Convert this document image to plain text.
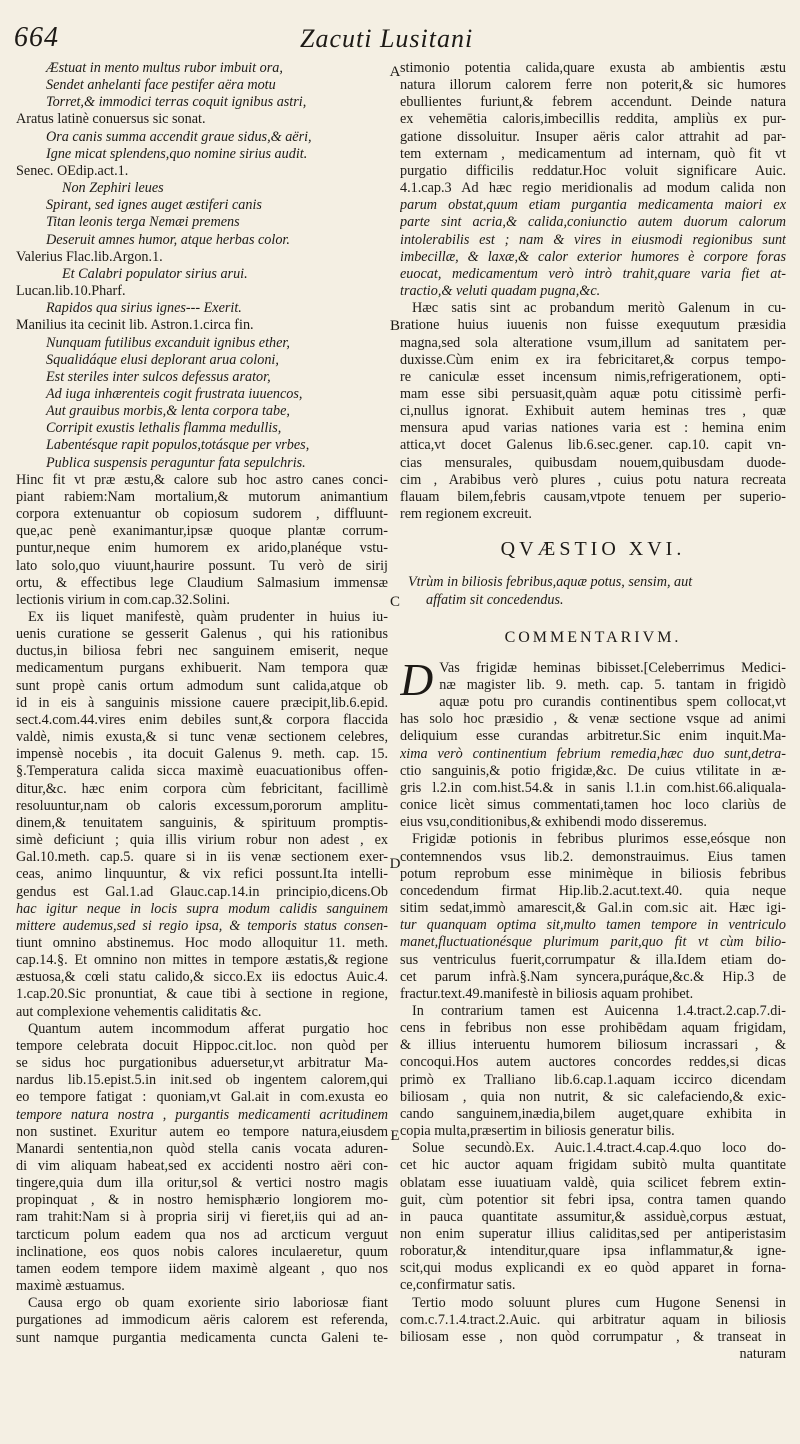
664	Zacuti Lusitani
Æstuat in mento multus rubor imbuit ora,
Sendet anhelanti face pestifer aëra motu
Torret,& immodici terras coquit ignibus astri,
Aratus latinè conuersus sic sonat.
Ora canis summa accendit graue sidus,& aëri,
Igne micat splendens,quo nomine sirius audit.
Senec. OEdip.act.1.
Non Zephiri leues
Spirant, sed ignes auget æstiferi canis
Titan leonis terga Nemæi premens
Deseruit amnes humor, atque herbas color.
Valerius Flac.lib.Argon.1.
Et Calabri populator sirius arui.
Lucan.lib.10.Pharf.
Rapidos qua sirius ignes--- Exerit.
Manilius ita cecinit lib. Astron.1.circa fin.
Nunquam futilibus excanduit ignibus ether,
Squalidáque elusi deplorant arua coloni,
Est steriles inter sulcos defessus arator,
Ad iuga inhærenteis cogit frustrata iuuencos,
Aut grauibus morbis,& lenta corpora tabe,
Corripit exustis lethalis flamma medullis,
Labentésque rapit populos,totásque per vrbes,
Publica suspensis peraguntur fata sepulchris.
Hinc fit vt præ æstu,& calore sub hoc astro canes conci-
piant rabiem:Nam mortalium,& mutorum animantium
corpora extenuantur ob copiosum sudorem , diffluunt-
que,ac penè exanimantur,ipsæ quoque plantæ corrum-
puntur,neque enim humorem ex arido,planéque vstu-
lato solo,quo viuunt,haurire possunt. Tu verò de sirij
ortu, & effectibus lege Claudium Salmasium immensæ
lectionis virium in com.cap.32.Solini.
Ex iis liquet manifestè, quàm prudenter in huius iu-
uenis curatione se gesserit Galenus , qui his rationibus
ductus,in biliosa febri nec sanguinem emiserit, neque
medicamentum purgans exhibuerit. Nam tempora quæ
sunt propè canis ortum admodum sunt calida,atque ob
id in eis à sanguinis missione cauere præcipit,lib.6.epid.
sect.4.com.44.vires enim debiles sunt,& corpora flaccida
valdè, nimis exusta,& si tunc venæ sectionem celebres,
impensè nocebis , ita docuit Galenus 9. meth. cap. 15.
§.Temperatura calida sicca maximè euacuationibus offen-
ditur,&c. hæc enim corpora cùm febricitant, facillimè
resoluuntur,nam ob caloris excessum,pororum amplitu-
dinem,& tenuitatem sanguinis, & spirituum promptis-
simè deficiunt ; quia illis virium robur non adest , ex
Gal.10.meth. cap.5. quare si in iis venæ sectionem exer-
ceas, animo linquuntur, & vix refici possunt.Ita intelli-
gendus est Gal.1.ad Glauc.cap.14.in principio,dicens.Ob
hac igitur neque in locis supra modum calidis sanguinem
mittere audemus,sed si regio ipsa, & temporis status consen-
tiunt omnino abstinemus. Hoc modo alloquitur 11. meth.
cap.14.§. Et omnino non mittes in tempore æstatis,& regione
æstuosa,& cœli statu calido,& sicco.Ex iis edoctus Auic.4.
1.cap.20.Sic pronuntiat, & caue tibi à sectione in regione,
aut complexione vehementis caliditatis &c.
Quantum autem incommodum afferat purgatio hoc
tempore celebrata docuit Hippoc.cit.loc. non quòd per
se sidus hoc purgationibus aduersetur,vt arbitratur Ma-
nardus lib.15.epist.5.in init.sed ob ingentem calorem,qui
eo tempore fatigat : quoniam,vt Gal.ait in com.exusta eo
tempore natura nostra , purgantis medicamenti acritudinem
non sustinet. Exuritur autem eo tempore natura,eiusdem
Manardi sententia,non quòd stella canis vocata aduren-
di vim aliquam habeat,sed ex accidenti nostro aëri con-
tingere,quia dum illa oritur,sol & vertici nostro magis
propinquat , & in nostro hemisphærio longiorem mo-
ram trahit:Nam si à propria sirij vi fieret,iis qui ad an-
tarcticum polum eadem qua nos ad arcticum verguut
inclinatione, eos quos nobis calores inculaeretur, quum
tamen eodem tempore iidem maximè algeant , quo nos
maximè æstuamus.
Causa ergo ob quam exoriente sirio laboriosæ fiant
purgationes ad immodicum aëris calorem est referenda,
sunt namque purgantia medicamenta cuncta Galeni te-
stimonio potentia calida,quare exusta ab ambientis æstu
natura illorum calorem ferre non poterit,& sic humores
ebullientes furiunt,& febrem accendunt. Deinde natura
ex vehemētia caloris,imbecillis reddita, ampliùs ex pur-
gatione dissoluitur. Insuper aëris calor attrahit ad par-
tem externam , medicamentum ad internam, quò fit vt
purgatio difficilis reddatur.Hoc voluit significare Auic.
4.1.cap.3 Ad hæc regio meridionalis ad modum calida non
parum obstat,quum etiam purgantia medicamenta maiori ex
parte sint acria,& calida,coniunctio autem duorum calorum
intolerabilis est ; nam & vires in eiusmodi regionibus sunt
imbecillæ, & laxæ,& calor exterior humores è corpore foras
euocat, medicamentum verò intrò trahit,quare varia fiet at-
tractio,& veluti quadam pugna,&c.
Hæc satis sint ac probandum meritò Galenum in cu-
ratione huius iuuenis non fuisse exequutum præsidia
magna,sed sola alteratione vsum,illum ad sanitatem per-
duxisse.Cùm enim ex ira febricitaret,& corpus tempo-
re caniculæ esset incensum nimis,refrigerationem, opti-
mam esse sibi persuasit,quàm aquæ potu citissimè perfi-
ci,nullus ignorat. Exhibuit autem heminas tres , quæ
mensura apud varias nationes varia est : hemina enim
attica,vt docet Galenus lib.6.sec.gener. cap.10. capit vn-
cias mensurales, quibusdam nouem,quibusdam duode-
cim , Arabibus verò plures , cuius potu natura recreata
flauam bilem,febris causam,vtpote tenuem per superio-
rem regionem excreuit.
QVÆSTIO XVI.
Vtrùm in biliosis febribus,aquæ potus, sensim, aut
affatim sit concedendus.
COMMENTARIVM.
D Vas frigidæ heminas bibisset.[Celeberrimus Medici-
næ magister lib. 9. meth. cap. 5. tantam in frigidò
aquæ potu pro curandis continentibus spem collocat,vt
has solo hoc præsidio , & venæ sectione vsque ad animi
deliquium esse curandas arbitretur.Sic enim inquit.Ma-
xima verò continentium febrium remedia,hæc duo sunt,detra-
ctio sanguinis,& potio frigidæ,&c. De cuius vtilitate in æ-
gris l.2.in com.hist.54.& in sanis l.1.in com.hist.66.aliquala-
conice licèt simus commentati,tamen hoc loco clariùs de
eius vsu,conditionibus,& exhibendi modo disseremus.
Frigidæ potionis in febribus plurimos esse,eósque non
contemnendos vsus lib.2. demonstrauimus. Eius tamen
potum reprobum esse minimèque in biliosis febribus
concedendum firmat Hip.lib.2.acut.text.40. quia neque
sitim sedat,immò amarescit,& Gal.in com.sic ait. Hæc igi-
tur quanquam optima sit,multo tamen tempore in ventriculo
manet,fluctuationésque plurimum parit,quo fit vt cùm bilio-
sus ventriculus fuerit,corrumpatur & illa.Idem etiam do-
cet parum infrà.§.Nam syncera,puráque,&c.& Hip.3 de
fractur.text.49.manifestè in biliosis aquam prohibet.
In contrarium tamen est Auicenna 1.4.tract.2.cap.7.di-
cens in febribus non esse prohibēdam aquam frigidam,
& illius interuentu humorem biliosum incrassari , &
concoqui.Hos autem auctores concordes reddes,si dicas
primò ex Tralliano lib.6.cap.1.aquam iccirco dicendam
biliosam , quia non nutrit, & sic calefaciendo,& exic-
cando sanguinem,inædia,bilem auget,quare exhibita in
copia multa,præsertim in biliosis generatur bilis.
Solue secundò.Ex. Auic.1.4.tract.4.cap.4.quo loco do-
cet hic auctor aquam frigidam subitò multa quantitate
oblatam esse iuuatiuam valdè, quia scilicet febrem extin-
guit, cùm potentior sit febri ipsa, contra tamen quando
in pauca quantitate assumitur,& assiduè,corpus æstuat,
non enim superatur illius caliditas,sed per antiperistasim
roboratur,& intenditur,quare ipsa inflammatur,& igne-
scit,qui modus explicandi ex eo quòd apparet in forna-
ce,confirmatur satis.
Tertio modo soluunt plures cum Hugone Senensi in
com.c.7.1.4.tract.2.Auic. qui arbitratur aquam in biliosis
biliosam esse , non quòd corrumpatur , & transeat in
naturam
A
B
C
D
E
